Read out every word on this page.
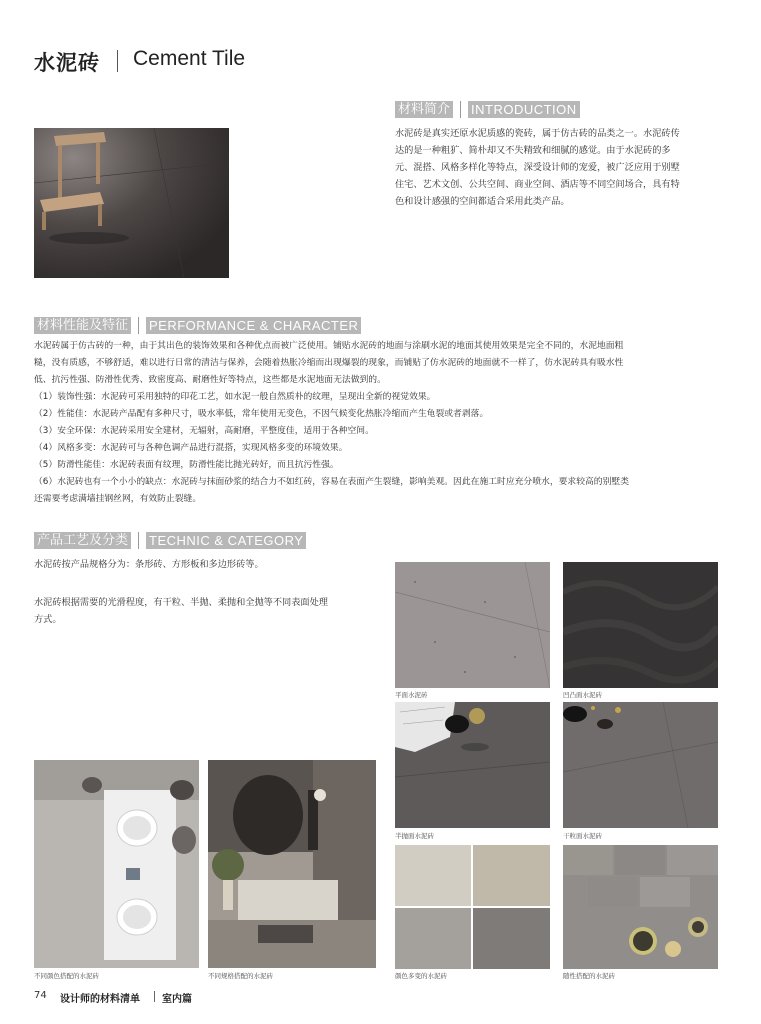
水泥砖 Cement Tile
材料简介 INTRODUCTION
水泥砖是真实还原水泥质感的瓷砖，属于仿古砖的品类之一。水泥砖传
达的是一种粗犷、简朴却又不失精致和细腻的感觉。由于水泥砖的多
元、混搭、风格多样化等特点，深受设计师的宠爱，被广泛应用于别墅
住宅、艺术文创、公共空间、商业空间、酒店等不同空间场合，具有特
色和设计感强的空间都适合采用此类产品。
材料性能及特征 PERFORMANCE & CHARACTER
水泥砖属于仿古砖的一种，由于其出色的装饰效果和各种优点而被广泛使用。铺贴水泥砖的地面与涂刷水泥的地面其使用效果是完全不同的，水泥地面粗
糙，没有质感，不够舒适，难以进行日常的清洁与保养，会随着热胀冷缩而出现爆裂的现象，而铺贴了仿水泥砖的地面就不一样了，仿水泥砖具有吸水性
低、抗污性强、防滑性优秀、致密度高、耐磨性好等特点，这些都是水泥地面无法做到的。
（1）装饰性强：水泥砖可采用独特的印花工艺，如水泥一般自然质朴的纹理，呈现出全新的视觉效果。
（2）性能佳：水泥砖产品配有多种尺寸，吸水率低，常年使用无变色，不因气候变化热胀冷缩而产生龟裂或者剥落。
（3）安全环保：水泥砖采用安全建材，无辐射，高耐磨，平整度佳，适用于各种空间。
（4）风格多变：水泥砖可与各种色调产品进行混搭，实现风格多变的环境效果。
（5）防滑性能佳：水泥砖表面有纹理，防滑性能比抛光砖好，而且抗污性强。
（6）水泥砖也有一个小小的缺点：水泥砖与抹面砂浆的结合力不如红砖，容易在表面产生裂缝，影响美观。因此在施工时应充分喷水，要求较高的别墅类
还需要考虑满墙挂钢丝网，有效防止裂缝。
产品工艺及分类 TECHNIC & CATEGORY
水泥砖按产品规格分为：条形砖、方形板和多边形砖等。
水泥砖根据需要的光滑程度，有干粒、半抛、柔抛和全抛等不同表面处理
方式。
平面水泥砖	凹凸面水泥砖
半抛面水泥砖	干粒面水泥砖
颜色多变的水泥砖	随性搭配的水泥砖
不同颜色搭配的水泥砖	不同规格搭配的水泥砖
74 设计师的材料清单 室内篇
